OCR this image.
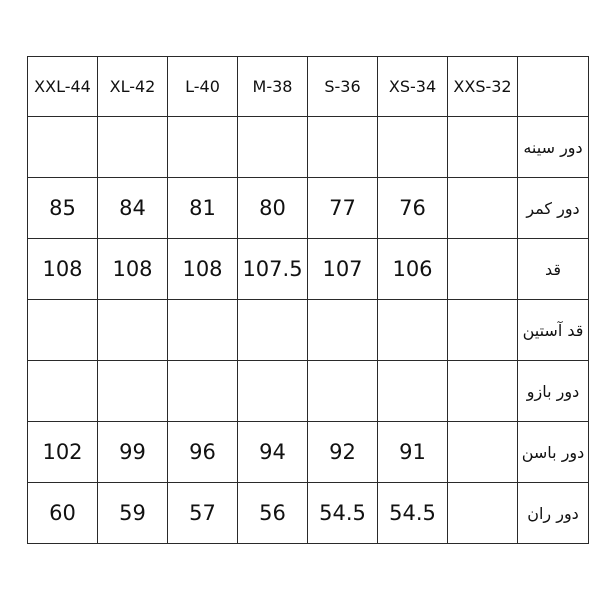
XXL-44	XL-42	L-40	M-38	S-36	XS-34	XXS-32	
							دور سینه
85	84	81	80	77	76		دور کمر
108	108	108	107.5	107	106		قد
							قد آستین
							دور بازو
102	99	96	94	92	91		دور باسن
60	59	57	56	54.5	54.5		دور ران
